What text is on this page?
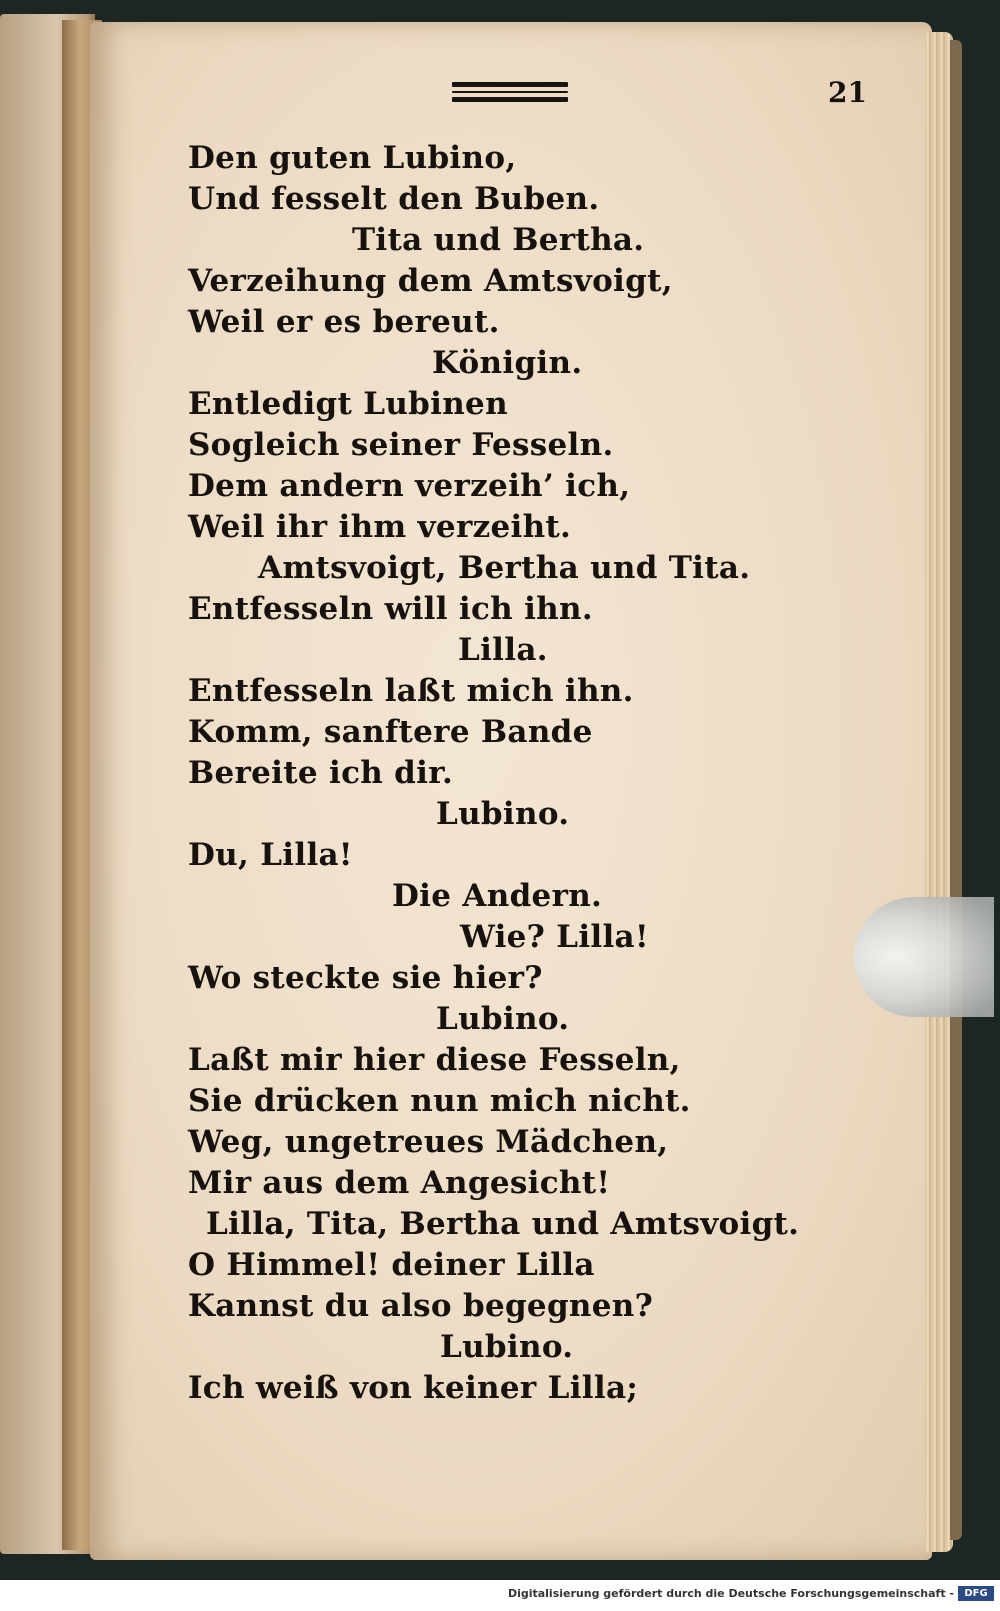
21
Den guten Lubino,
Und fesselt den Buben.
Tita und Bertha.
Verzeihung dem Amtsvoigt,
Weil er es bereut.
Königin.
Entledigt Lubinen
Sogleich seiner Fesseln.
Dem andern verzeih’ ich,
Weil ihr ihm verzeiht.
Amtsvoigt, Bertha und Tita.
Entfesseln will ich ihn.
Lilla.
Entfesseln laßt mich ihn.
Komm, sanftere Bande
Bereite ich dir.
Lubino.
Du, Lilla!
Die Andern.
Wie? Lilla!
Wo steckte sie hier?
Lubino.
Laßt mir hier diese Fesseln,
Sie drücken nun mich nicht.
Weg, ungetreues Mädchen,
Mir aus dem Angesicht!
Lilla, Tita, Bertha und Amtsvoigt.
O Himmel! deiner Lilla
Kannst du also begegnen?
Lubino.
Ich weiß von keiner Lilla;
Digitalisierung gefördert durch die Deutsche Forschungsgemeinschaft -	DFG
